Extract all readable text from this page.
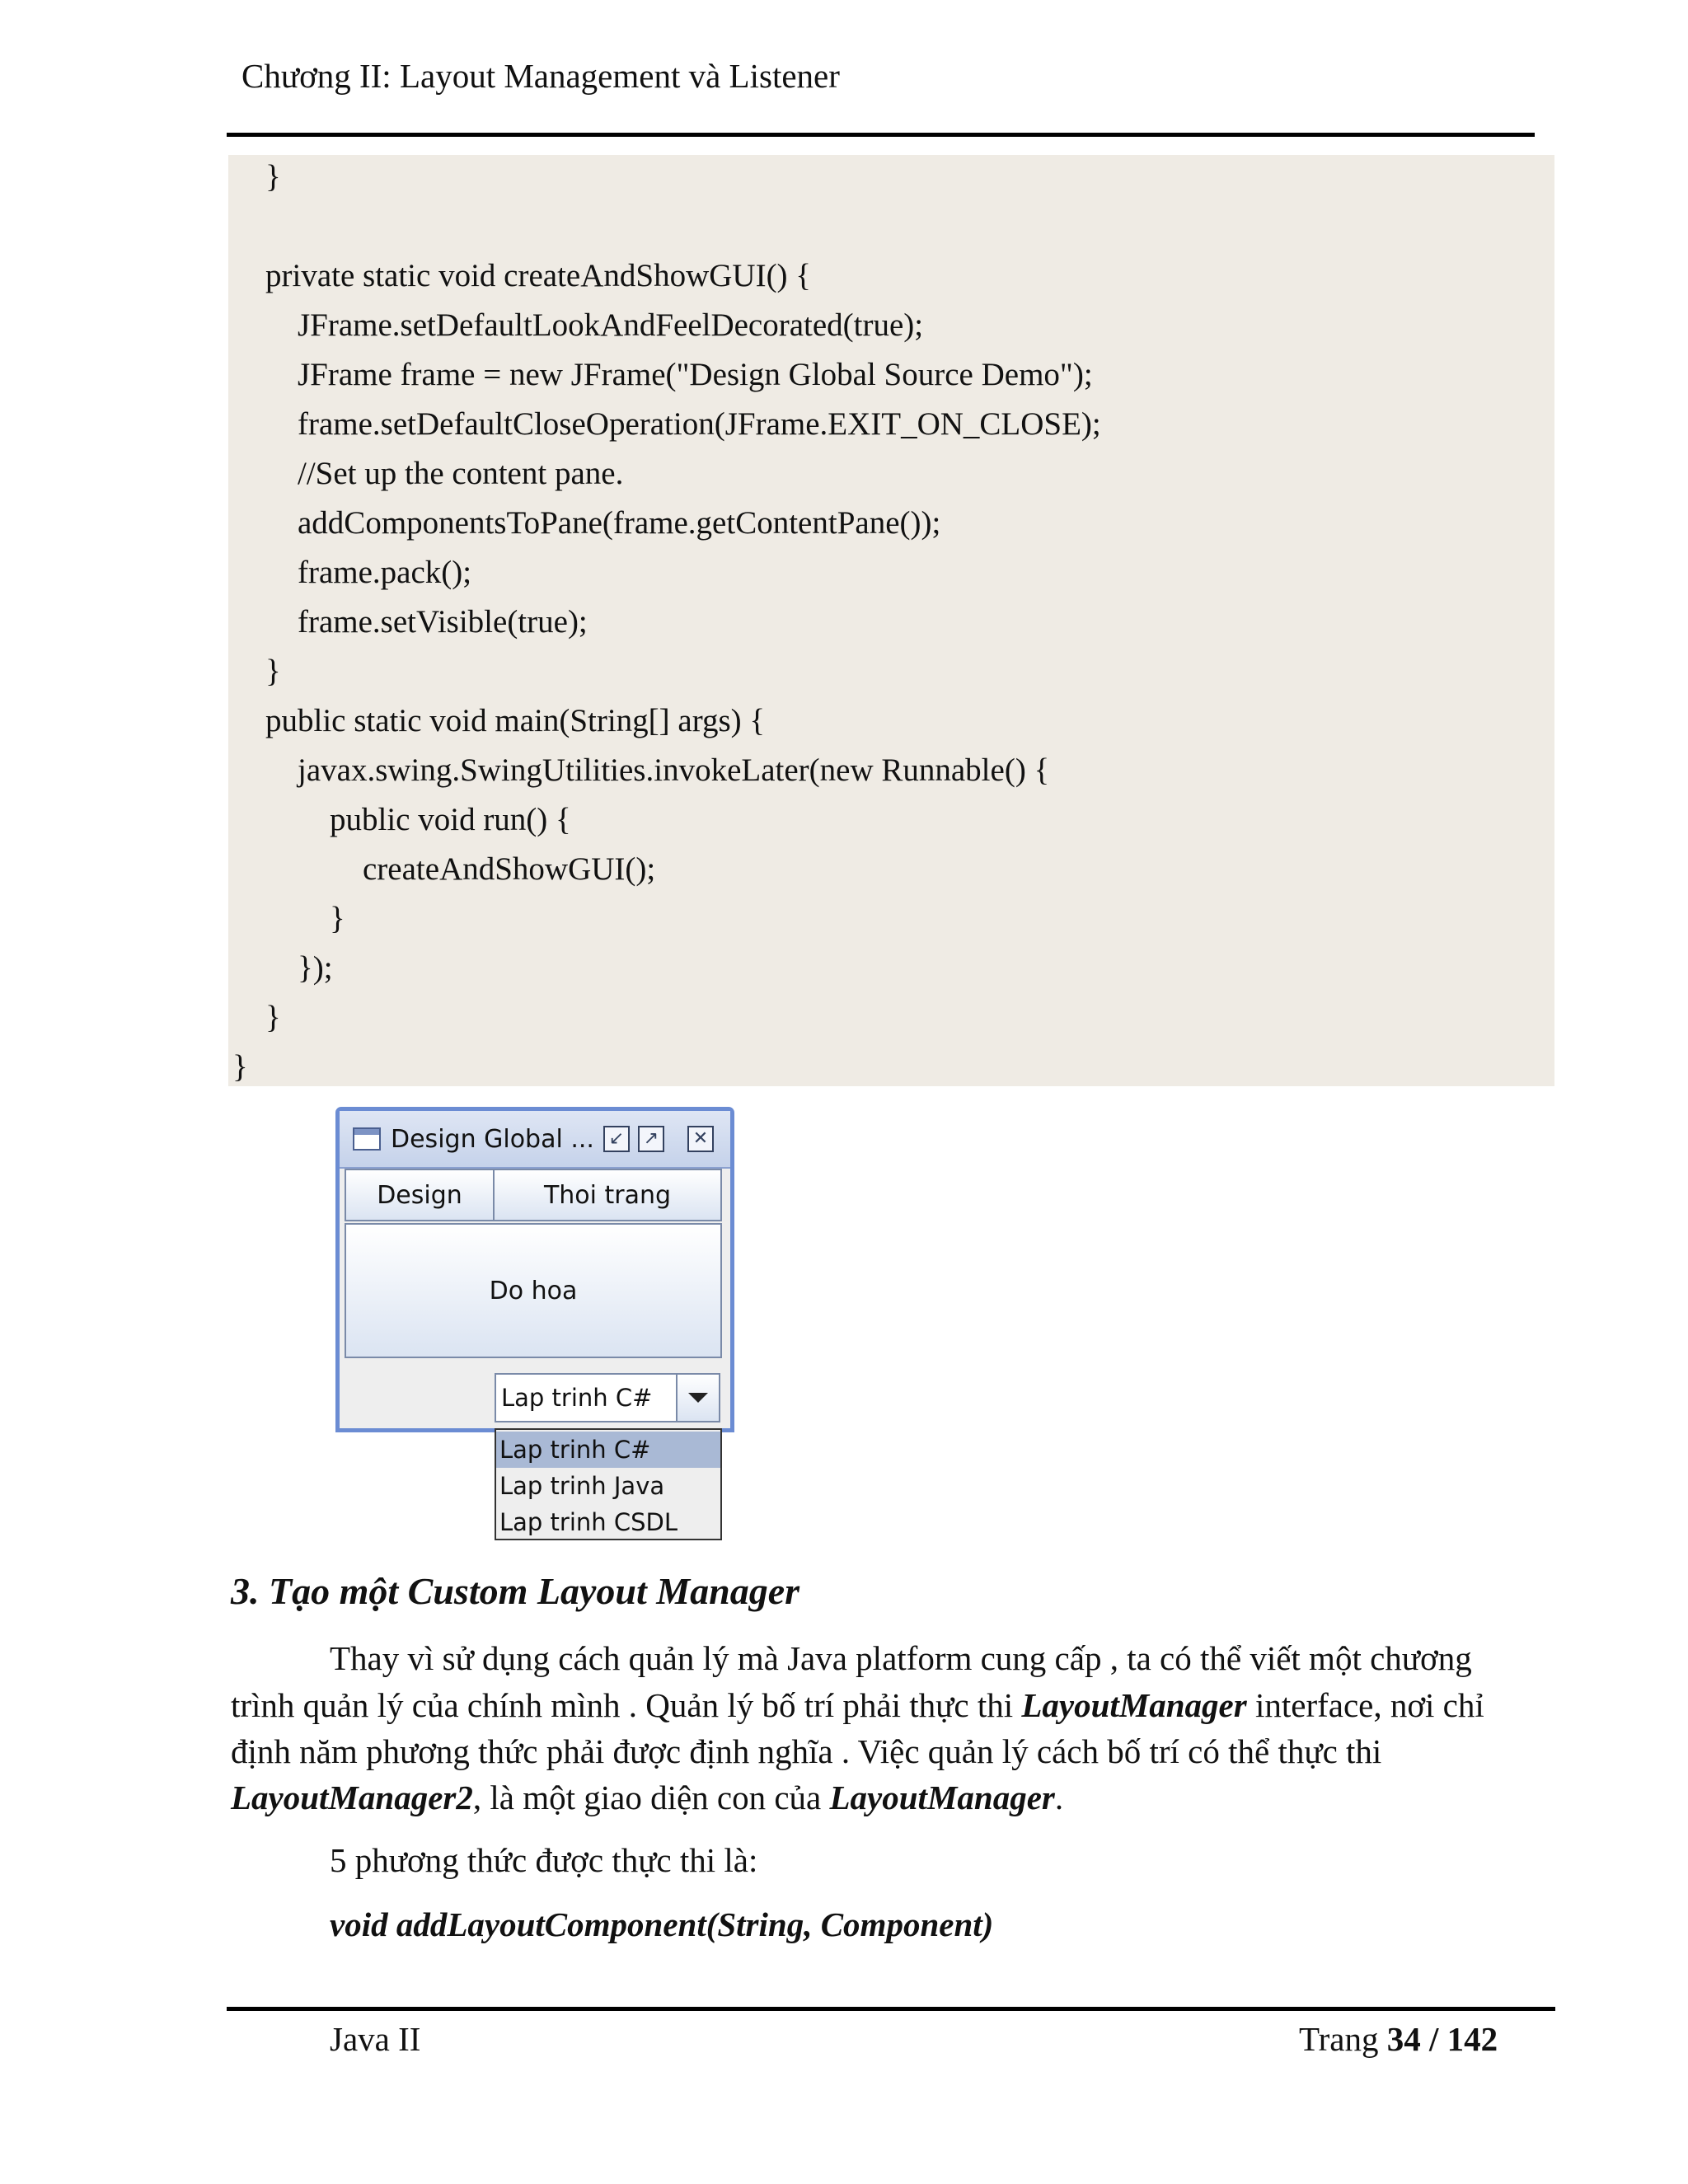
Chương II: Layout Management và Listener
}
private static void createAndShowGUI() {
JFrame.setDefaultLookAndFeelDecorated(true);
JFrame frame = new JFrame("Design Global Source Demo");
frame.setDefaultCloseOperation(JFrame.EXIT_ON_CLOSE);
//Set up the content pane.
addComponentsToPane(frame.getContentPane());
frame.pack();
frame.setVisible(true);
}
public static void main(String[] args) {
javax.swing.SwingUtilities.invokeLater(new Runnable() {
public void run() {
createAndShowGUI();
}
});
}
}
Design Global ... ↙	↗	✕
Design	Thoi trang
Do hoa
Lap trinh C#
Lap trinh C#
Lap trinh Java
Lap trinh CSDL
3. Tạo một Custom Layout Manager
Thay vì sử dụng cách quản lý mà Java platform cung cấp , ta có thể viết một chương
trình quản lý của chính mình . Quản lý bố trí phải thực thi LayoutManager interface, nơi chỉ
định năm phương thức phải được định nghĩa . Việc quản lý cách bố trí có thể thực thi
LayoutManager2, là một giao diện con của LayoutManager.
5 phương thức được thực thi là:
void addLayoutComponent(String, Component)
Java II	Trang 34 / 142
